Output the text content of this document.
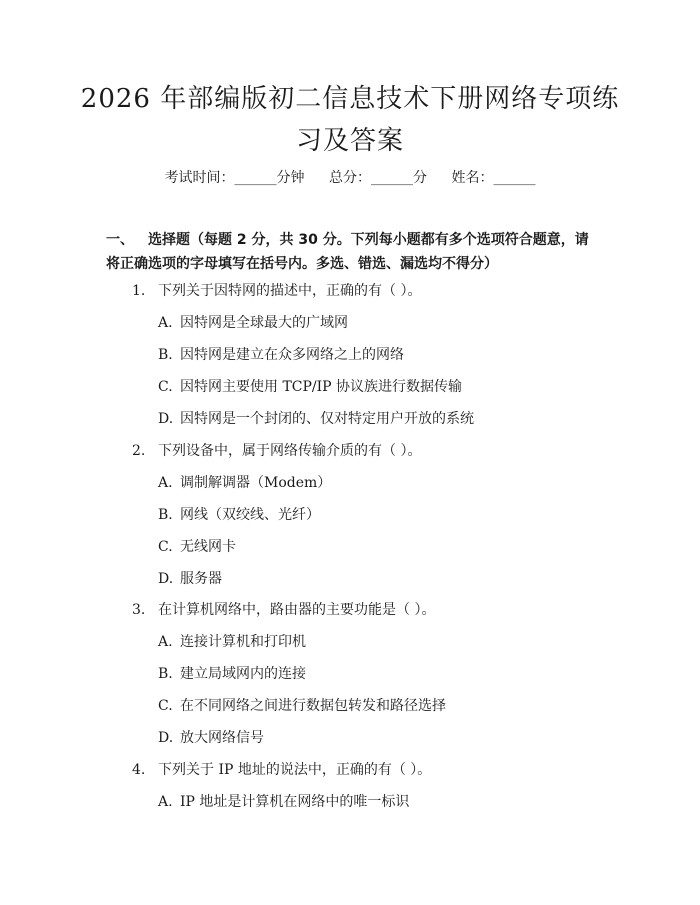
2026 年部编版初二信息技术下册网络专项练习及答案
考试时间：______分钟 总分：______分 姓名：______
一、 选择题（每题 2 分，共 30 分。下列每小题都有多个选项符合题意，请将正确选项的字母填写在括号内。多选、错选、漏选均不得分）
1. 下列关于因特网的描述中，正确的有（ ）。
A. 因特网是全球最大的广域网
B. 因特网是建立在众多网络之上的网络
C. 因特网主要使用 TCP/IP 协议族进行数据传输
D. 因特网是一个封闭的、仅对特定用户开放的系统
2. 下列设备中，属于网络传输介质的有（ ）。
A. 调制解调器（Modem）
B. 网线（双绞线、光纤）
C. 无线网卡
D. 服务器
3. 在计算机网络中，路由器的主要功能是（ ）。
A. 连接计算机和打印机
B. 建立局域网内的连接
C. 在不同网络之间进行数据包转发和路径选择
D. 放大网络信号
4. 下列关于 IP 地址的说法中，正确的有（ ）。
A. IP 地址是计算机在网络中的唯一标识
